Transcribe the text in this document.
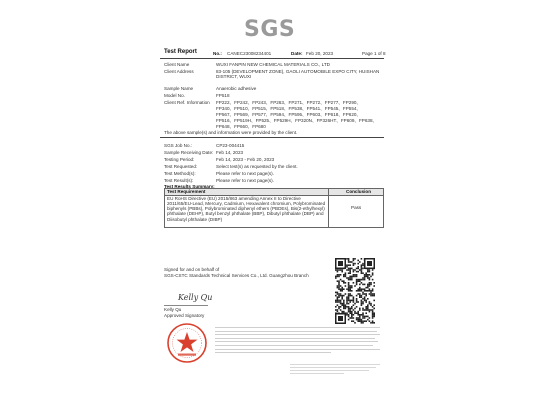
SGS
Test Report	No.: CANEC23008234401	Date: Feb 20, 2023	Page 1 of 8
Client Name	WUXI FANPIN NEW CHEMICAL MATERIALS CO., LTD
Client Address	83-105 (DEVELOPMENT ZONE), GAOLI AUTOMOBILE EXPO CITY, HUISHAN
DISTRICT, WUXI
Sample Name	Anaerobic adhesive
Model No.	FP518
Client Ref. Information FP222、FP242、FP243、FP263、FP271、FP272、FP277、FP290、
FP340、FP510、FP515、FP518、FP538、FP541、FP545、FP554、
FP567、FP569、FP577、FP594、FP595、FP603、FP618、FP620、
FP516、FP519H、FP525、FP529H、FP320N、FP326HT、FP609、FP638、
FP648、FP660、FP680
The above sample(s) and information were provided by the client.
SGS Job No.:	CP23-004415
Sample Receiving Date: Feb 14, 2023
Testing Period:	Feb 14, 2023 - Feb 20, 2023
Test Requested:	Select test(s) as requested by the client.
Test Method(s):	Please refer to next page(s).
Test Result(s):	Please refer to next page(s).
Test Results Summary:
Test Requirement	Conclusion
EU RoHS Directive (EU) 2015/863 amending Annex II to Directive
2011/65/EU-Lead, Mercury, Cadmium, Hexavalent chromium, Polybrominated
biphenyls (PBBs), Polybrominated diphenyl ethers (PBDEs), Bis(2-ethylhexyl)
phthalate (DEHP), Butyl benzyl phthalate (BBP), Dibutyl phthalate (DBP) and
Diisobutyl phthalate (DIBP)
Pass
Signed for and on behalf of
SGS-CSTC Standards Technical Services Co., Ltd. Guangzhou Branch
Kelly Qu
Kelly Qu
Approved Signatory
